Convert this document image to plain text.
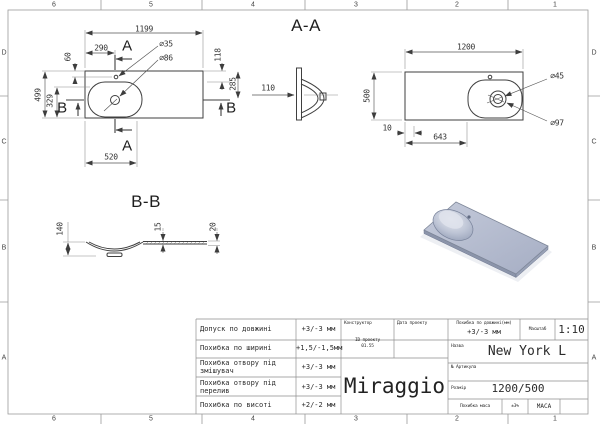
6	5	4	3	2	1
6	5	4	3	2	1
D
C
B
A
D
C
B
A
1199
290
60
499 329
118
285
520
∅35
∅86
A
A
B	B
A-A
110
1200
500
∅45
∅97
10
643
B-B
140	15	20
Допуск по довжині	+3/-3 мм
Похибка по ширині	+1,5/-1,5мм
Похибка отвору під змішувач	+3/-3 мм
Похибка отвору під перелив	+3/-3 мм
Похибка по висоті	+2/-2 мм
Конструктор	Дата проекту
ID проекту
01.55
Похибка по довжині(мм)
+3/-3 мм	Масштаб	1:10
Назва	New York L
№ Артикула
Розмір	1200/500
Похибка маса	±3%	МАСА
Miraggio
